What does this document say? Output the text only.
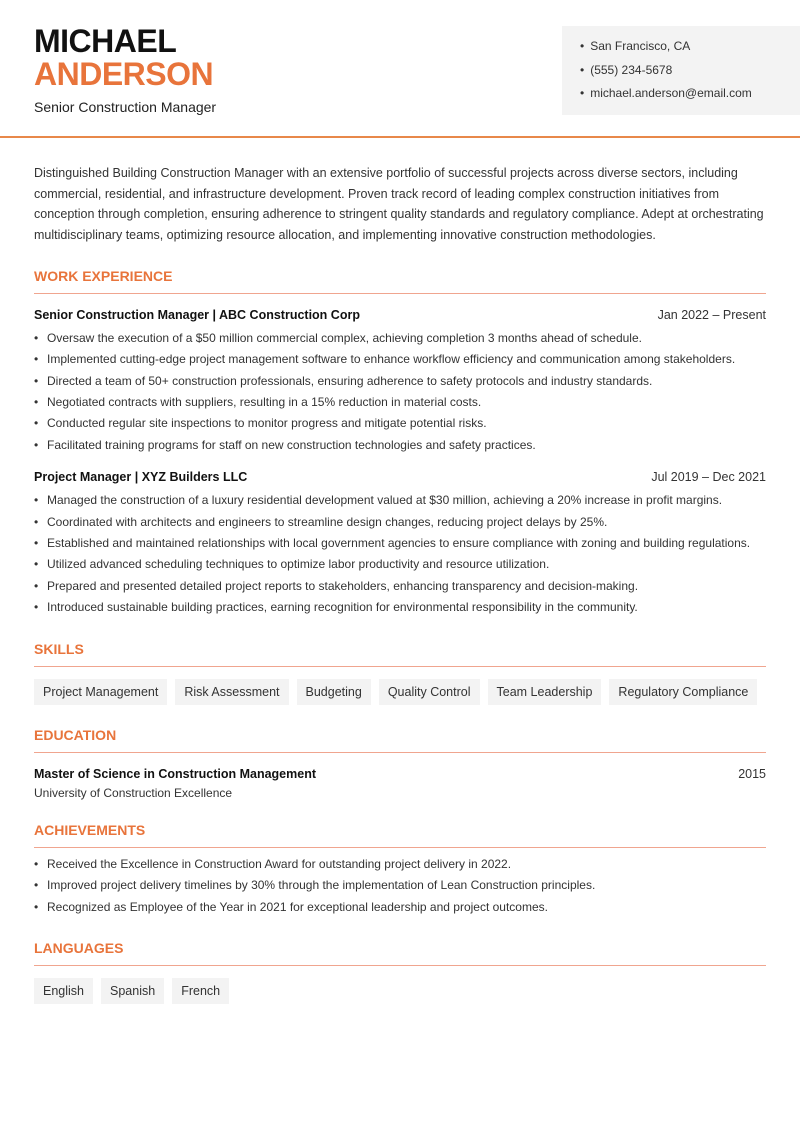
MICHAEL
ANDERSON
Senior Construction Manager
• San Francisco, CA
• (555) 234-5678
• michael.anderson@email.com

Distinguished Building Construction Manager with an extensive portfolio of successful projects across diverse sectors, including commercial, residential, and infrastructure development. Proven track record of leading complex construction initiatives from conception through completion, ensuring adherence to stringent quality standards and regulatory compliance. Adept at orchestrating multidisciplinary teams, optimizing resource allocation, and implementing innovative construction methodologies.

WORK EXPERIENCE
Senior Construction Manager | ABC Construction Corp	Jan 2022 – Present
• Oversaw the execution of a $50 million commercial complex, achieving completion 3 months ahead of schedule.
• Implemented cutting-edge project management software to enhance workflow efficiency and communication among stakeholders.
• Directed a team of 50+ construction professionals, ensuring adherence to safety protocols and industry standards.
• Negotiated contracts with suppliers, resulting in a 15% reduction in material costs.
• Conducted regular site inspections to monitor progress and mitigate potential risks.
• Facilitated training programs for staff on new construction technologies and safety practices.
Project Manager | XYZ Builders LLC	Jul 2019 – Dec 2021
• Managed the construction of a luxury residential development valued at $30 million, achieving a 20% increase in profit margins.
• Coordinated with architects and engineers to streamline design changes, reducing project delays by 25%.
• Established and maintained relationships with local government agencies to ensure compliance with zoning and building regulations.
• Utilized advanced scheduling techniques to optimize labor productivity and resource utilization.
• Prepared and presented detailed project reports to stakeholders, enhancing transparency and decision-making.
• Introduced sustainable building practices, earning recognition for environmental responsibility in the community.
SKILLS
Project Management	Risk Assessment	Budgeting	Quality Control	Team Leadership	Regulatory Compliance
EDUCATION
Master of Science in Construction Management	2015
University of Construction Excellence
ACHIEVEMENTS
• Received the Excellence in Construction Award for outstanding project delivery in 2022.
• Improved project delivery timelines by 30% through the implementation of Lean Construction principles.
• Recognized as Employee of the Year in 2021 for exceptional leadership and project outcomes.
LANGUAGES
English	Spanish	French
